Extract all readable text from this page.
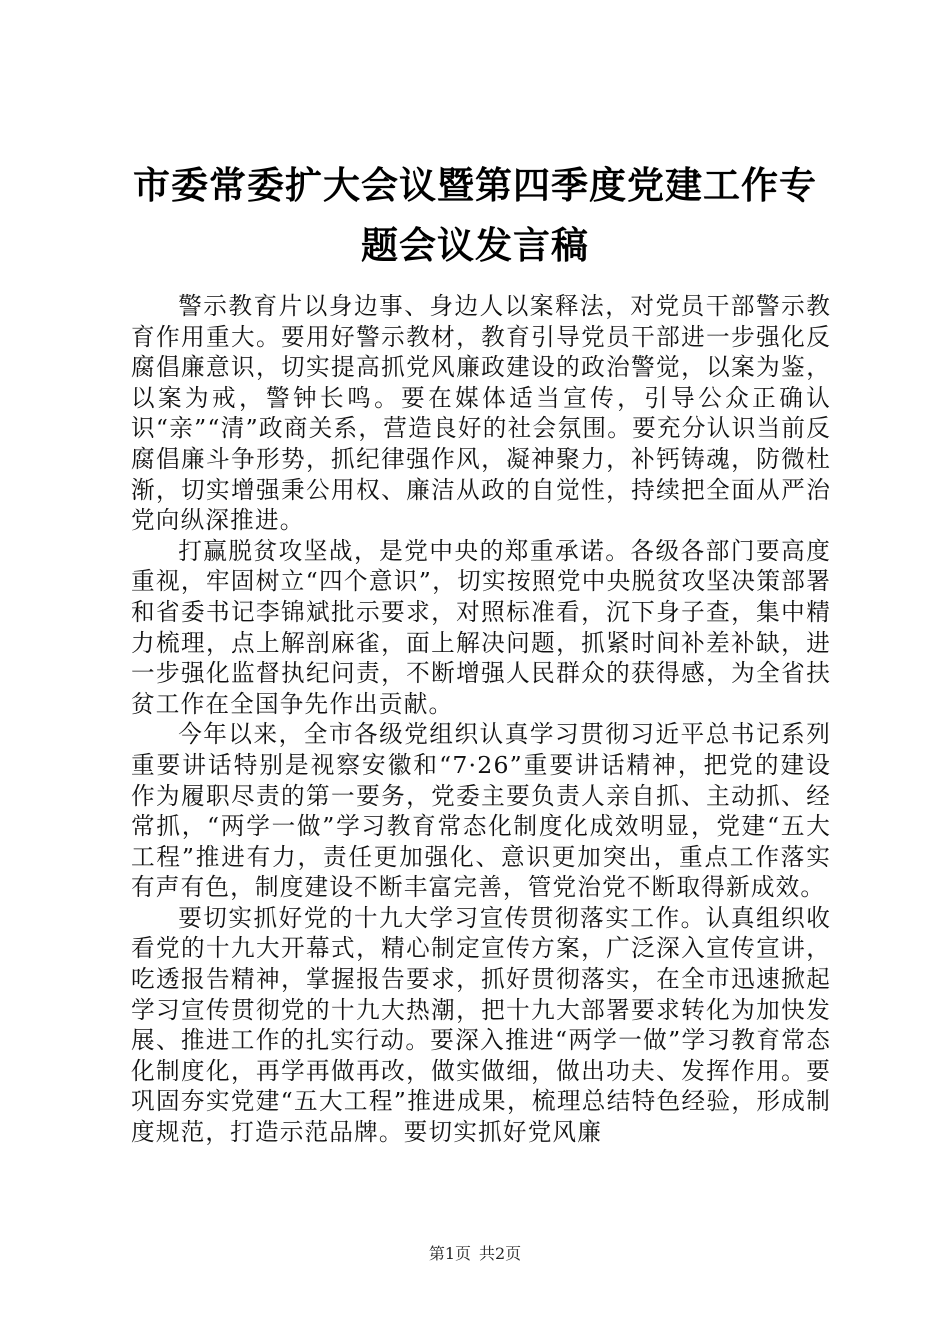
市委常委扩大会议暨第四季度党建工作专题会议发言稿

警示教育片以身边事、身边人以案释法，对党员干部警示教育作用重大。要用好警示教材，教育引导党员干部进一步强化反腐倡廉意识，切实提高抓党风廉政建设的政治警觉，以案为鉴，以案为戒，警钟长鸣。要在媒体适当宣传，引导公众正确认识“亲”“清”政商关系，营造良好的社会氛围。要充分认识当前反腐倡廉斗争形势，抓纪律强作风，凝神聚力，补钙铸魂，防微杜渐，切实增强秉公用权、廉洁从政的自觉性，持续把全面从严治党向纵深推进。

打赢脱贫攻坚战，是党中央的郑重承诺。各级各部门要高度重视，牢固树立“四个意识”，切实按照党中央脱贫攻坚决策部署和省委书记李锦斌批示要求，对照标准看，沉下身子查，集中精力梳理，点上解剖麻雀，面上解决问题，抓紧时间补差补缺，进一步强化监督执纪问责，不断增强人民群众的获得感，为全省扶贫工作在全国争先作出贡献。

今年以来，全市各级党组织认真学习贯彻习近平总书记系列重要讲话特别是视察安徽和“7·26”重要讲话精神，把党的建设作为履职尽责的第一要务，党委主要负责人亲自抓、主动抓、经常抓，“两学一做”学习教育常态化制度化成效明显，党建“五大工程”推进有力，责任更加强化、意识更加突出，重点工作落实有声有色，制度建设不断丰富完善，管党治党不断取得新成效。

要切实抓好党的十九大学习宣传贯彻落实工作。认真组织收看党的十九大开幕式，精心制定宣传方案，广泛深入宣传宣讲，吃透报告精神，掌握报告要求，抓好贯彻落实，在全市迅速掀起学习宣传贯彻党的十九大热潮，把十九大部署要求转化为加快发展、推进工作的扎实行动。要深入推进“两学一做”学习教育常态化制度化，再学再做再改，做实做细，做出功夫、发挥作用。要巩固夯实党建“五大工程”推进成果，梳理总结特色经验，形成制度规范，打造示范品牌。要切实抓好党风廉

第1页 共2页
